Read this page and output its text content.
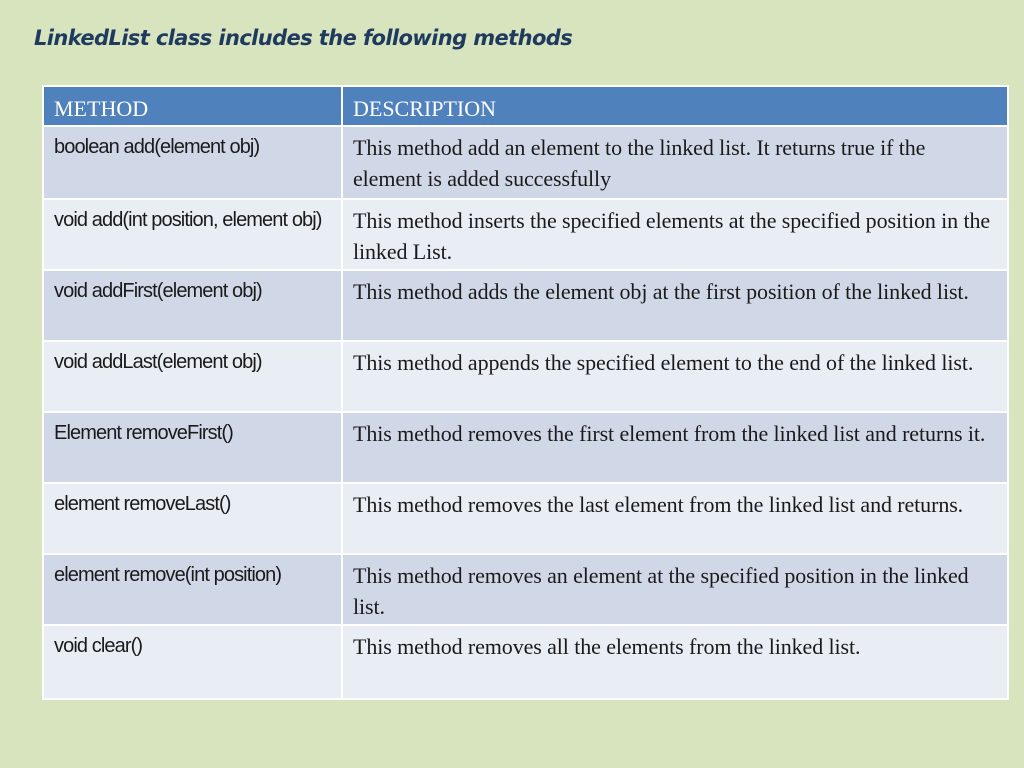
LinkedList class includes the following methods
METHOD	DESCRIPTION
boolean add(element obj)	This method add an element to the linked list. It returns true if the element is added successfully
void add(int position, element obj)	This method inserts the specified elements at the specified position in the linked List.
void addFirst(element obj)	This method adds the element obj at the first position of the linked list.
void addLast(element obj)	This method appends the specified element to the end of the linked list.
Element removeFirst()	This method removes the first element from the linked list and returns it.
element removeLast()	This method removes the last element from the linked list and returns.
element remove(int position)	This method removes an element at the specified position in the linked list.
void clear()	This method removes all the elements from the linked list.
